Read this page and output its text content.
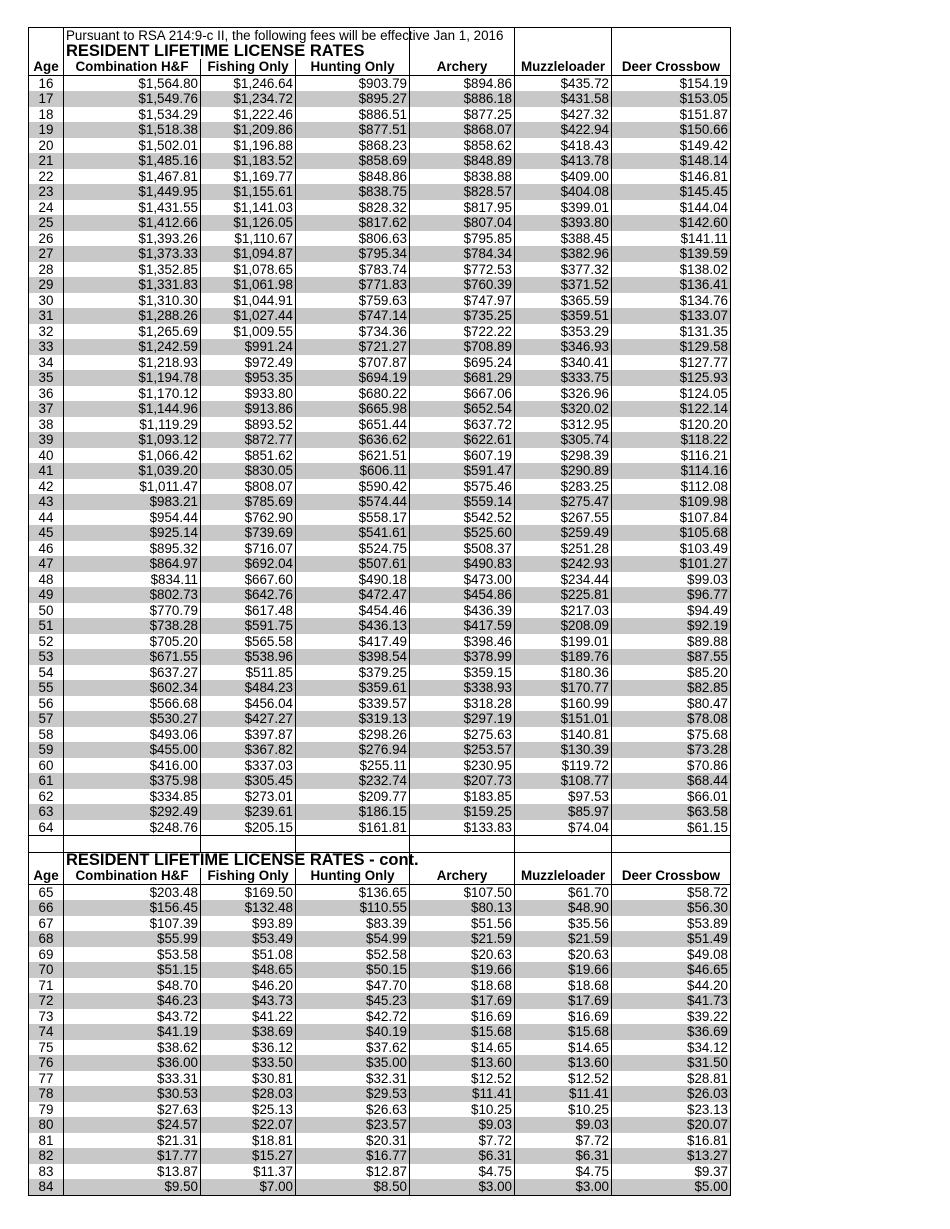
	Pursuant to RSA 214:9-c II, the following fees will be effective Jan 1, 2016					
	RESIDENT LIFETIME LICENSE RATES					
Age	Combination H&F	Fishing Only	Hunting Only	Archery	Muzzleloader	Deer Crossbow
16	$1,564.80	$1,246.64	$903.79	$894.86	$435.72	$154.19
17	$1,549.76	$1,234.72	$895.27	$886.18	$431.58	$153.05
18	$1,534.29	$1,222.46	$886.51	$877.25	$427.32	$151.87
19	$1,518.38	$1,209.86	$877.51	$868.07	$422.94	$150.66
20	$1,502.01	$1,196.88	$868.23	$858.62	$418.43	$149.42
21	$1,485.16	$1,183.52	$858.69	$848.89	$413.78	$148.14
22	$1,467.81	$1,169.77	$848.86	$838.88	$409.00	$146.81
23	$1,449.95	$1,155.61	$838.75	$828.57	$404.08	$145.45
24	$1,431.55	$1,141.03	$828.32	$817.95	$399.01	$144.04
25	$1,412.66	$1,126.05	$817.62	$807.04	$393.80	$142.60
26	$1,393.26	$1,110.67	$806.63	$795.85	$388.45	$141.11
27	$1,373.33	$1,094.87	$795.34	$784.34	$382.96	$139.59
28	$1,352.85	$1,078.65	$783.74	$772.53	$377.32	$138.02
29	$1,331.83	$1,061.98	$771.83	$760.39	$371.52	$136.41
30	$1,310.30	$1,044.91	$759.63	$747.97	$365.59	$134.76
31	$1,288.26	$1,027.44	$747.14	$735.25	$359.51	$133.07
32	$1,265.69	$1,009.55	$734.36	$722.22	$353.29	$131.35
33	$1,242.59	$991.24	$721.27	$708.89	$346.93	$129.58
34	$1,218.93	$972.49	$707.87	$695.24	$340.41	$127.77
35	$1,194.78	$953.35	$694.19	$681.29	$333.75	$125.93
36	$1,170.12	$933.80	$680.22	$667.06	$326.96	$124.05
37	$1,144.96	$913.86	$665.98	$652.54	$320.02	$122.14
38	$1,119.29	$893.52	$651.44	$637.72	$312.95	$120.20
39	$1,093.12	$872.77	$636.62	$622.61	$305.74	$118.22
40	$1,066.42	$851.62	$621.51	$607.19	$298.39	$116.21
41	$1,039.20	$830.05	$606.11	$591.47	$290.89	$114.16
42	$1,011.47	$808.07	$590.42	$575.46	$283.25	$112.08
43	$983.21	$785.69	$574.44	$559.14	$275.47	$109.98
44	$954.44	$762.90	$558.17	$542.52	$267.55	$107.84
45	$925.14	$739.69	$541.61	$525.60	$259.49	$105.68
46	$895.32	$716.07	$524.75	$508.37	$251.28	$103.49
47	$864.97	$692.04	$507.61	$490.83	$242.93	$101.27
48	$834.11	$667.60	$490.18	$473.00	$234.44	$99.03
49	$802.73	$642.76	$472.47	$454.86	$225.81	$96.77
50	$770.79	$617.48	$454.46	$436.39	$217.03	$94.49
51	$738.28	$591.75	$436.13	$417.59	$208.09	$92.19
52	$705.20	$565.58	$417.49	$398.46	$199.01	$89.88
53	$671.55	$538.96	$398.54	$378.99	$189.76	$87.55
54	$637.27	$511.85	$379.25	$359.15	$180.36	$85.20
55	$602.34	$484.23	$359.61	$338.93	$170.77	$82.85
56	$566.68	$456.04	$339.57	$318.28	$160.99	$80.47
57	$530.27	$427.27	$319.13	$297.19	$151.01	$78.08
58	$493.06	$397.87	$298.26	$275.63	$140.81	$75.68
59	$455.00	$367.82	$276.94	$253.57	$130.39	$73.28
60	$416.00	$337.03	$255.11	$230.95	$119.72	$70.86
61	$375.98	$305.45	$232.74	$207.73	$108.77	$68.44
62	$334.85	$273.01	$209.77	$183.85	$97.53	$66.01
63	$292.49	$239.61	$186.15	$159.25	$85.97	$63.58
64	$248.76	$205.15	$161.81	$133.83	$74.04	$61.15

	RESIDENT LIFETIME LICENSE RATES - cont.					
Age	Combination H&F	Fishing Only	Hunting Only	Archery	Muzzleloader	Deer Crossbow
65	$203.48	$169.50	$136.65	$107.50	$61.70	$58.72
66	$156.45	$132.48	$110.55	$80.13	$48.90	$56.30
67	$107.39	$93.89	$83.39	$51.56	$35.56	$53.89
68	$55.99	$53.49	$54.99	$21.59	$21.59	$51.49
69	$53.58	$51.08	$52.58	$20.63	$20.63	$49.08
70	$51.15	$48.65	$50.15	$19.66	$19.66	$46.65
71	$48.70	$46.20	$47.70	$18.68	$18.68	$44.20
72	$46.23	$43.73	$45.23	$17.69	$17.69	$41.73
73	$43.72	$41.22	$42.72	$16.69	$16.69	$39.22
74	$41.19	$38.69	$40.19	$15.68	$15.68	$36.69
75	$38.62	$36.12	$37.62	$14.65	$14.65	$34.12
76	$36.00	$33.50	$35.00	$13.60	$13.60	$31.50
77	$33.31	$30.81	$32.31	$12.52	$12.52	$28.81
78	$30.53	$28.03	$29.53	$11.41	$11.41	$26.03
79	$27.63	$25.13	$26.63	$10.25	$10.25	$23.13
80	$24.57	$22.07	$23.57	$9.03	$9.03	$20.07
81	$21.31	$18.81	$20.31	$7.72	$7.72	$16.81
82	$17.77	$15.27	$16.77	$6.31	$6.31	$13.27
83	$13.87	$11.37	$12.87	$4.75	$4.75	$9.37
84	$9.50	$7.00	$8.50	$3.00	$3.00	$5.00
